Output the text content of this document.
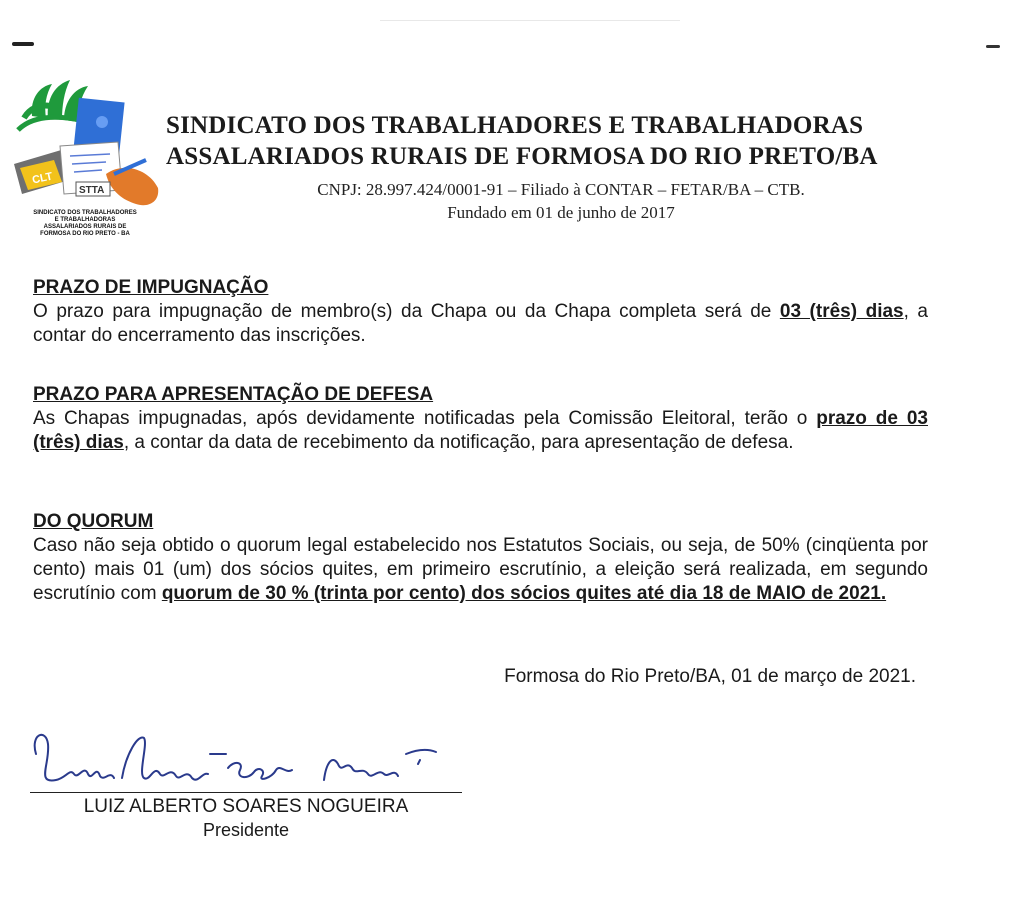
CLT
STTA
SINDICATO DOS TRABALHADORES
E TRABALHADORAS
ASSALARIADOS RURAIS DE
FORMOSA DO RIO PRETO - BA
SINDICATO DOS TRABALHADORES E TRABALHADORAS
ASSALARIADOS RURAIS DE FORMOSA DO RIO PRETO/BA
CNPJ: 28.997.424/0001-91 – Filiado à CONTAR – FETAR/BA – CTB.
Fundado em 01 de junho de 2017
PRAZO DE IMPUGNAÇÃO
O prazo para impugnação de membro(s) da Chapa ou da Chapa completa será de 03 (três) dias, a contar do encerramento das inscrições.
PRAZO PARA APRESENTAÇÃO DE DEFESA
As Chapas impugnadas, após devidamente notificadas pela Comissão Eleitoral, terão o prazo de 03 (três) dias, a contar da data de recebimento da notificação, para apresentação de defesa.
DO QUORUM
Caso não seja obtido o quorum legal estabelecido nos Estatutos Sociais, ou seja, de 50% (cinqüenta por cento) mais 01 (um) dos sócios quites, em primeiro escrutínio, a eleição será realizada, em segundo escrutínio com quorum de 30 % (trinta por cento) dos sócios quites até dia 18 de MAIO de 2021.
Formosa do Rio Preto/BA, 01 de março de 2021.
LUIZ ALBERTO SOARES NOGUEIRA
Presidente
